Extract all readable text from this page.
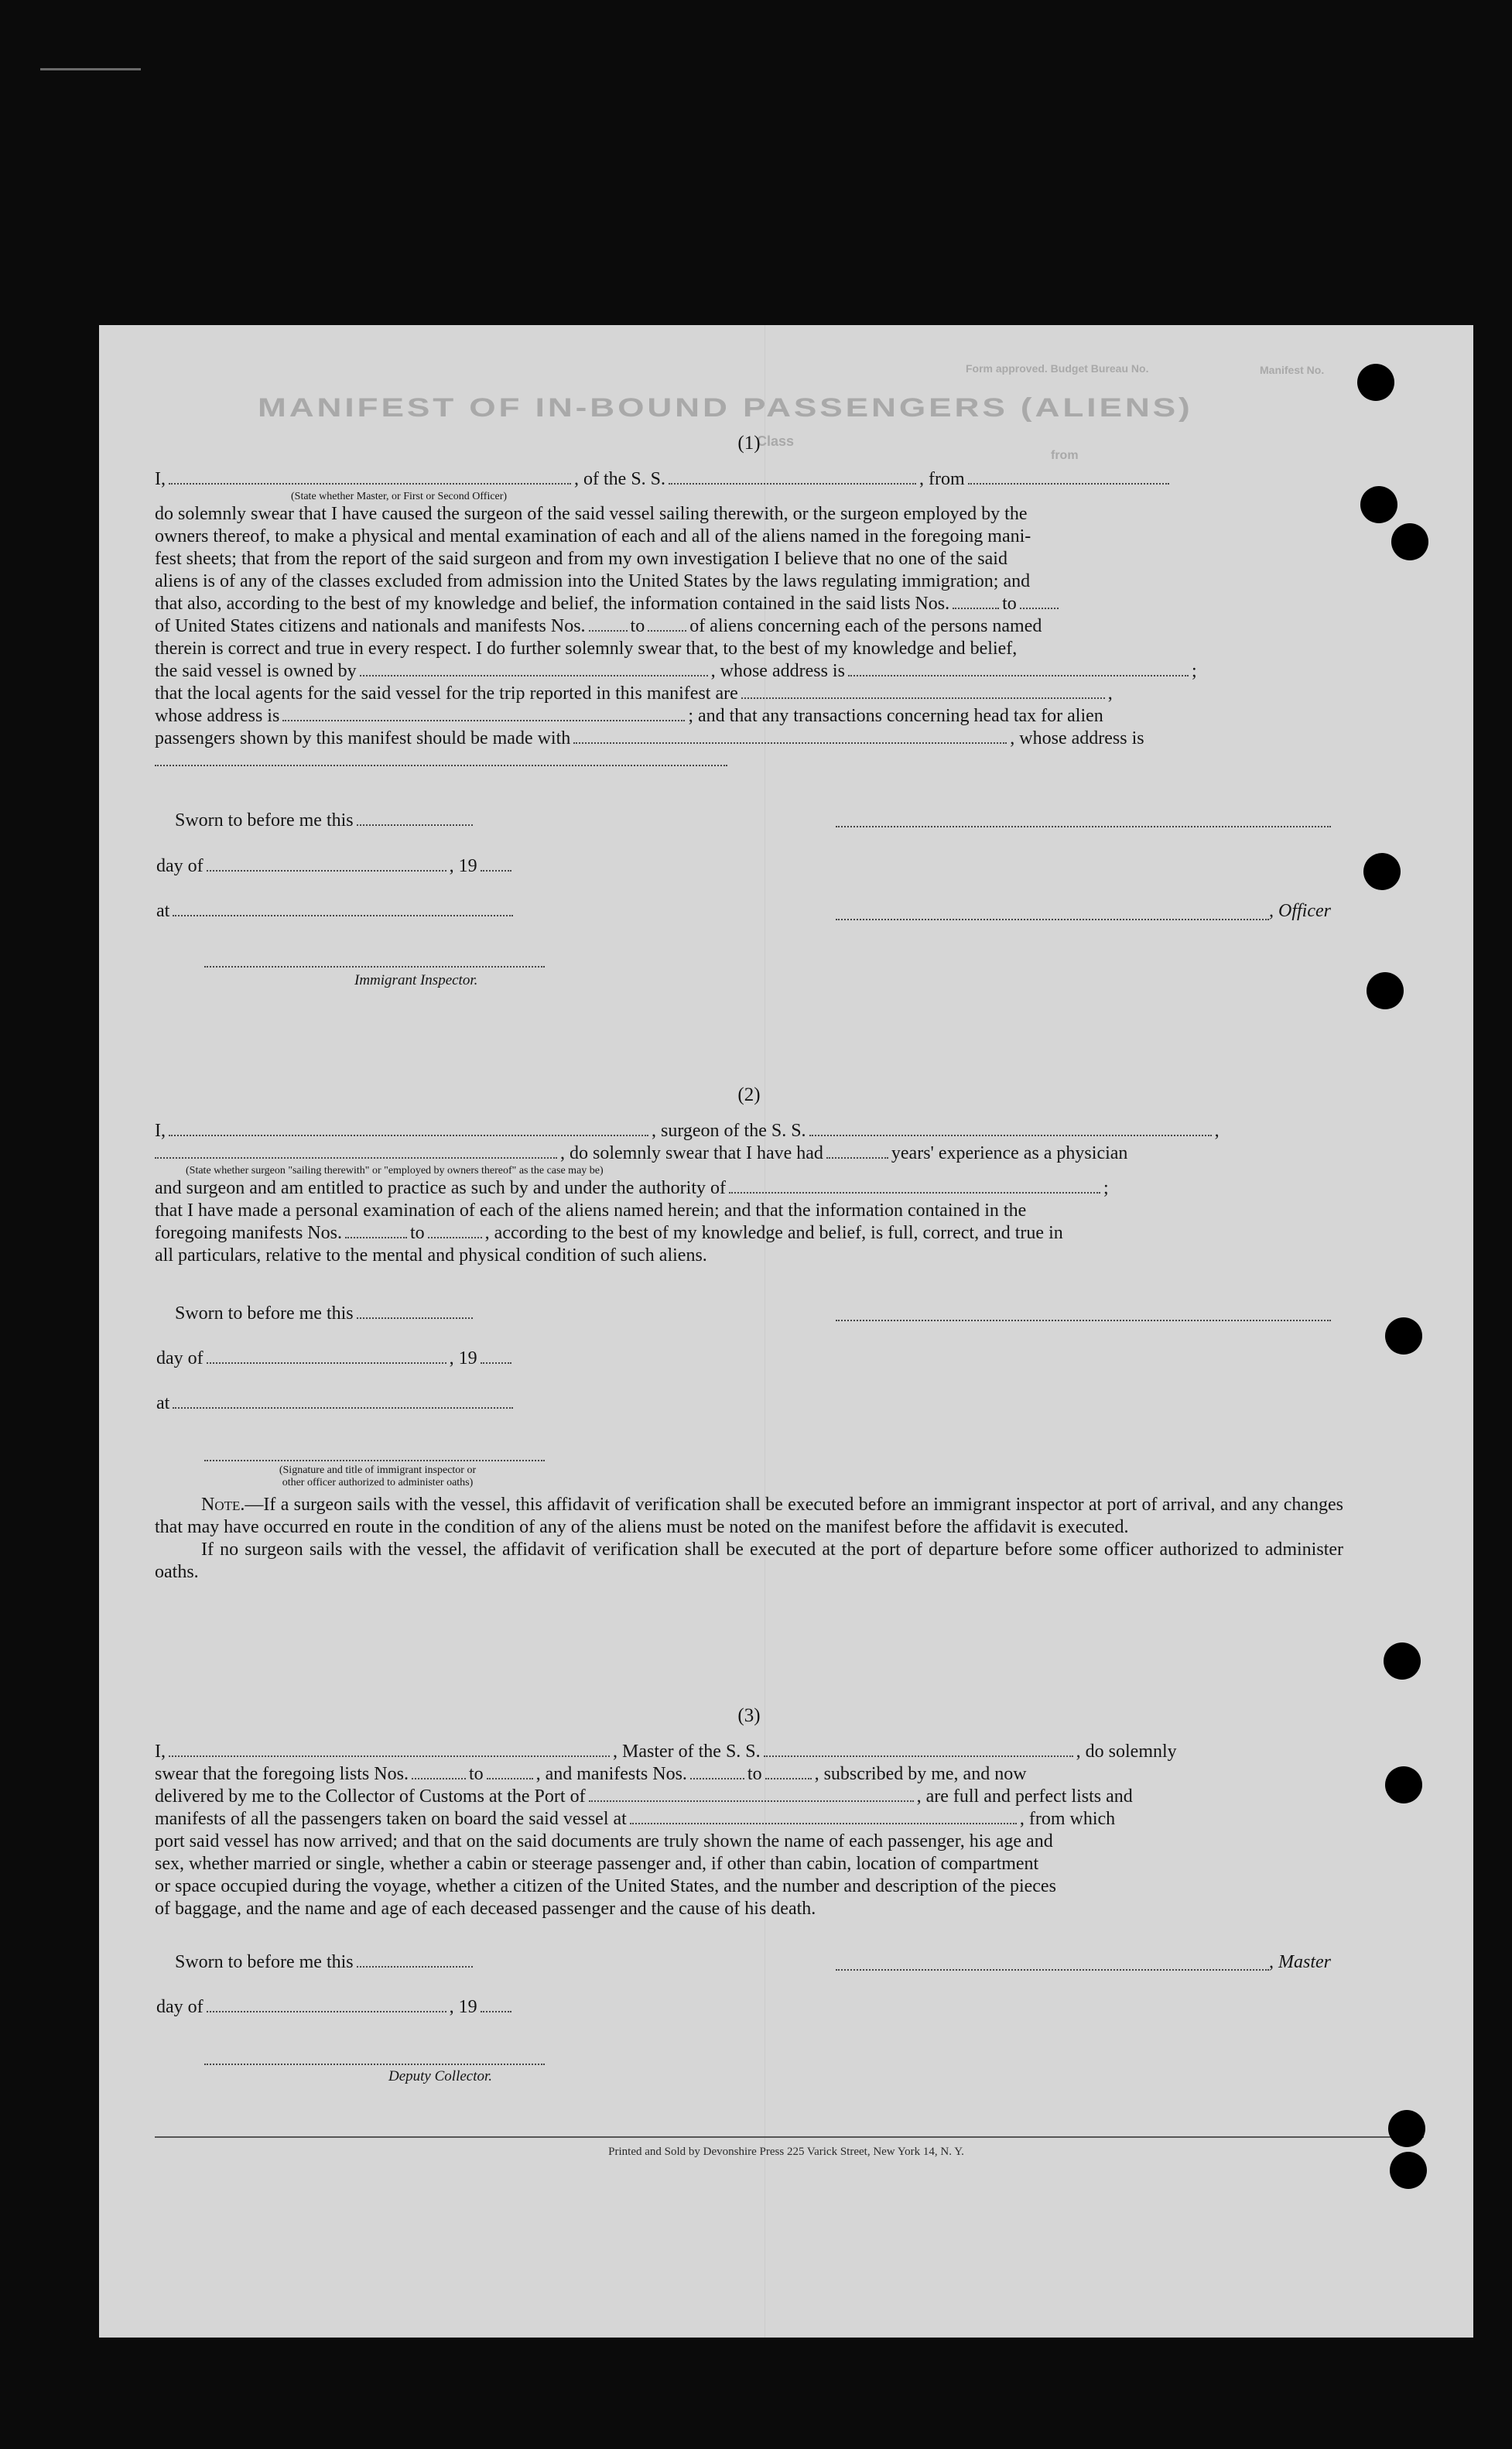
MANIFEST OF IN-BOUND PASSENGERS (ALIENS)
Form approved. Budget Bureau No.	Manifest No.
Class
from
(1)
I,	, of the S. S.	, from
(State whether Master, or First or Second Officer)
do solemnly swear that I have caused the surgeon of the said vessel sailing therewith, or the surgeon employed by the
owners thereof, to make a physical and mental examination of each and all of the aliens named in the foregoing mani-
fest sheets; that from the report of the said surgeon and from my own investigation I believe that no one of the said
aliens is of any of the classes excluded from admission into the United States by the laws regulating immigration; and
that also, according to the best of my knowledge and belief, the information contained in the said lists Nos.	to
of United States citizens and nationals and manifests Nos. to of aliens concerning each of the persons named
therein is correct and true in every respect. I do further solemnly swear that, to the best of my knowledge and belief,
the said vessel is owned by	, whose address is	;
that the local agents for the said vessel for the trip reported in this manifest are	,
whose address is	; and that any transactions concerning head tax for alien
passengers shown by this manifest should be made with	, whose address is
Sworn to before me this
day of	, 19
at	, Officer
Immigrant Inspector.
(2)
I,	, surgeon of the S. S.	,
, do solemnly swear that I have had	years' experience as a physician
(State whether surgeon "sailing therewith" or "employed by owners thereof" as the case may be)
and surgeon and am entitled to practice as such by and under the authority of	;
that I have made a personal examination of each of the aliens named herein; and that the information contained in the
foregoing manifests Nos.	to	, according to the best of my knowledge and belief, is full, correct, and true in
all particulars, relative to the mental and physical condition of such aliens.
Sworn to before me this
day of	, 19
at
(Signature and title of immigrant inspector or
other officer authorized to administer oaths)

Note.—If a surgeon sails with the vessel, this affidavit of verification shall be executed before an immigrant inspector at port of arrival, and any changes that may have occurred en route in the condition of any of the aliens must be noted on the manifest before the affidavit is executed.

If no surgeon sails with the vessel, the affidavit of verification shall be executed at the port of departure before some officer authorized to administer oaths.

(3)
I,	, Master of the S. S.	, do solemnly
swear that the foregoing lists Nos.	to	, and manifests Nos.	to	, subscribed by me, and now
delivered by me to the Collector of Customs at the Port of	, are full and perfect lists and
manifests of all the passengers taken on board the said vessel at	, from which
port said vessel has now arrived; and that on the said documents are truly shown the name of each passenger, his age and
sex, whether married or single, whether a cabin or steerage passenger and, if other than cabin, location of compartment
or space occupied during the voyage, whether a citizen of the United States, and the number and description of the pieces
of baggage, and the name and age of each deceased passenger and the cause of his death.
Sworn to before me this	, Master
day of	, 19
Deputy Collector.
Printed and Sold by Devonshire Press 225 Varick Street, New York 14, N. Y.
